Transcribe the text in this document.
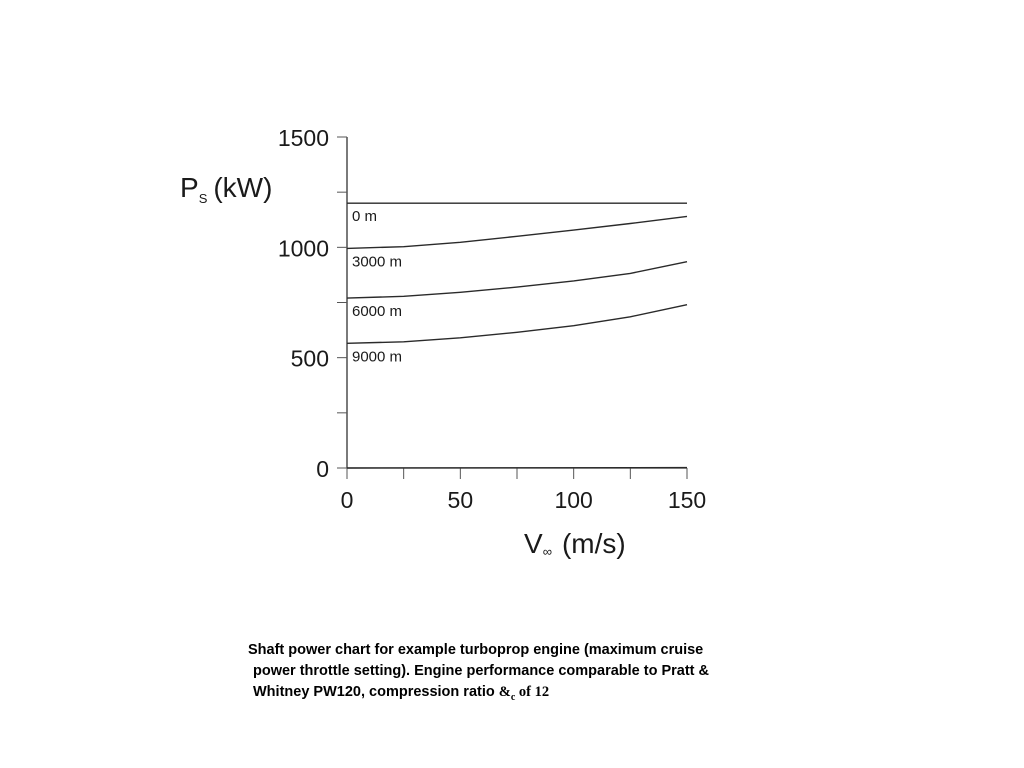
0
500
1000
1500
0	50	100	150
0 m
3000 m
6000 m
9000 m
$P_S$ (kW)
V∞ (m/s)
Shaft power chart for example turboprop engine (maximum cruise
power throttle setting). Engine performance comparable to Pratt &
Whitney PW120, compression ratio $\&_c$ of 12
